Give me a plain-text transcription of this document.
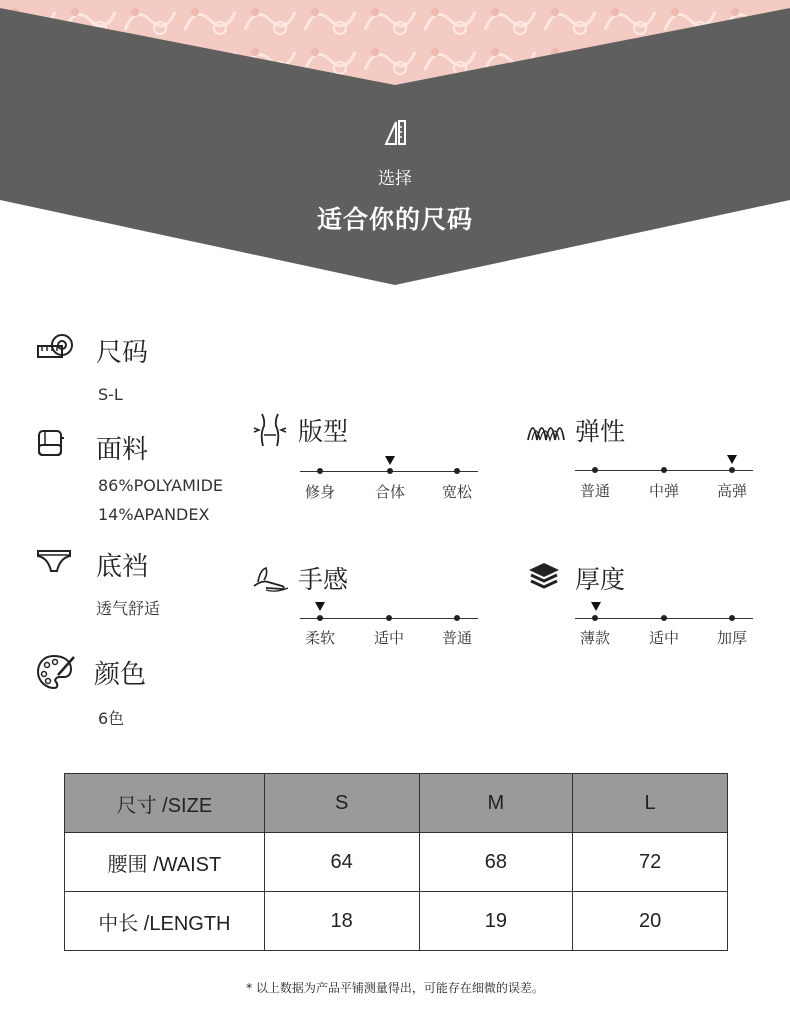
选择
适合你的尺码
尺码
S-L
面料
86%POLYAMIDE
14%APANDEX
底裆
透气舒适
颜色
6色
版型
修身	合体	宽松
弹性
普通	中弹	高弹
手感
柔软	适中	普通
厚度
薄款	适中	加厚
尺寸 /SIZE	S	M	L
腰围 /WAIST	64	68	72
中长 /LENGTH	18	19	20
* 以上数据为产品平铺测量得出，可能存在细微的误差。
